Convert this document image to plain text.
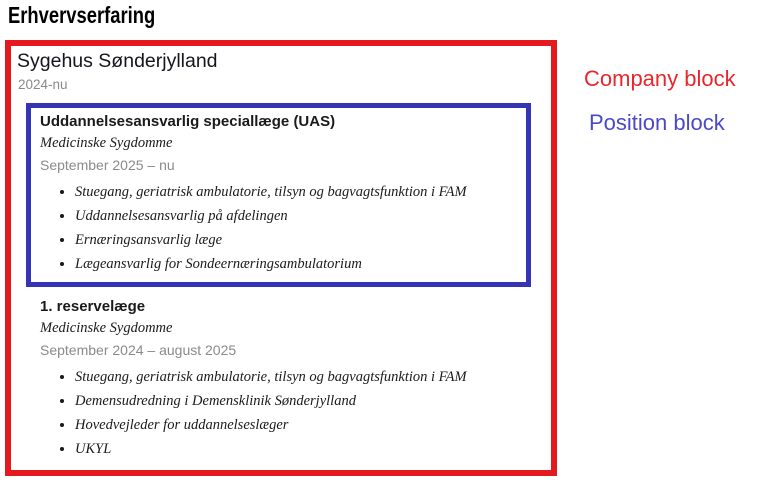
Erhvervserfaring
Sygehus Sønderjylland
2024-nu
Uddannelsesansvarlig speciallæge (UAS)
Medicinske Sygdomme
September 2025 – nu
• Stuegang, geriatrisk ambulatorie, tilsyn og bagvagtsfunktion i FAM
• Uddannelsesansvarlig på afdelingen
• Ernæringsansvarlig læge
• Lægeansvarlig for Sondeernæringsambulatorium
1. reservelæge
Medicinske Sygdomme
September 2024 – august 2025
• Stuegang, geriatrisk ambulatorie, tilsyn og bagvagtsfunktion i FAM
• Demensudredning i Demensklinik Sønderjylland
• Hovedvejleder for uddannelseslæger
• UKYL
Company block
Position block
